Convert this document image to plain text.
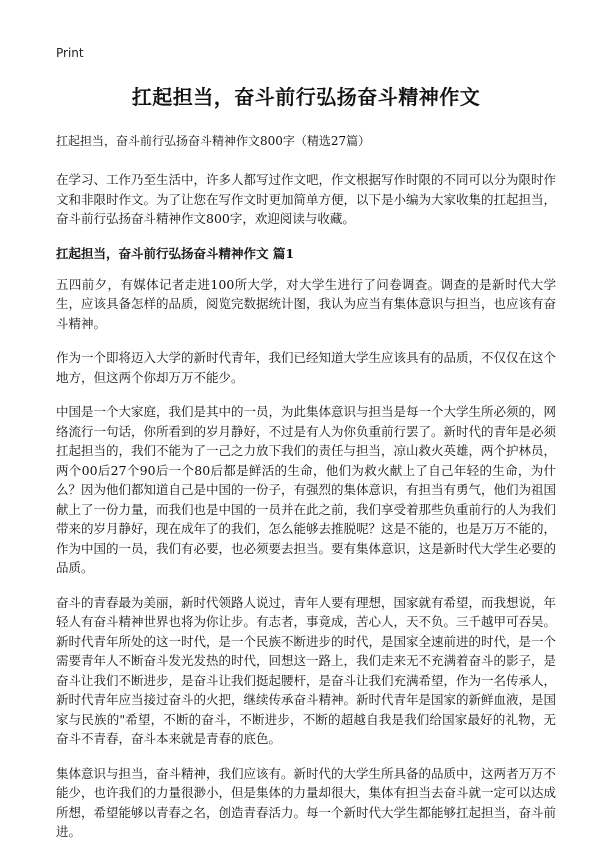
Print
扛起担当，奋斗前行弘扬奋斗精神作文
扛起担当，奋斗前行弘扬奋斗精神作文800字（精选27篇）

在学习、工作乃至生活中，许多人都写过作文吧，作文根据写作时限的不同可以分为限时作文和非限时作文。为了让您在写作文时更加简单方便，以下是小编为大家收集的扛起担当，奋斗前行弘扬奋斗精神作文800字，欢迎阅读与收藏。

扛起担当，奋斗前行弘扬奋斗精神作文 篇1

五四前夕，有媒体记者走进100所大学，对大学生进行了问卷调查。调查的是新时代大学生，应该具备怎样的品质，阅览完数据统计图，我认为应当有集体意识与担当，也应该有奋斗精神。

作为一个即将迈入大学的新时代青年，我们已经知道大学生应该具有的品质，不仅仅在这个地方，但这两个你却万万不能少。

中国是一个大家庭，我们是其中的一员，为此集体意识与担当是每一个大学生所必须的，网络流行一句话，你所看到的岁月静好，不过是有人为你负重前行罢了。新时代的青年是必须扛起担当的，我们不能为了一己之力放下我们的责任与担当，凉山救火英雄，两个护林员，两个00后27个90后一个80后都是鲜活的生命，他们为救火献上了自己年轻的生命，为什么？因为他们都知道自己是中国的一份子，有强烈的集体意识，有担当有勇气，他们为祖国献上了一份力量，而我们也是中国的一员并在此之前，我们享受着那些负重前行的人为我们带来的岁月静好，现在成年了的我们，怎么能够去推脱呢？这是不能的，也是万万不能的，作为中国的一员，我们有必要，也必须要去担当。要有集体意识，这是新时代大学生必要的品质。

奋斗的青春最为美丽，新时代领路人说过，青年人要有理想，国家就有希望，而我想说，年轻人有奋斗精神世界也将为你让步。有志者，事竟成，苦心人，天不负。三千越甲可吞吴。新时代青年所处的这一时代，是一个民族不断进步的时代，是国家全速前进的时代，是一个需要青年人不断奋斗发光发热的时代，回想这一路上，我们走来无不充满着奋斗的影子，是奋斗让我们不断进步，是奋斗让我们挺起腰杆，是奋斗让我们充满希望，作为一名传承人，新时代青年应当接过奋斗的火把，继续传承奋斗精神。新时代青年是国家的新鲜血液，是国家与民族的"希望，不断的奋斗，不断进步，不断的超越自我是我们给国家最好的礼物，无奋斗不青春，奋斗本来就是青春的底色。

集体意识与担当，奋斗精神，我们应该有。新时代的大学生所具备的品质中，这两者万万不能少，也许我们的力量很渺小，但是集体的力量却很大，集体有担当去奋斗就一定可以达成所想，希望能够以青春之名，创造青春活力。每一个新时代大学生都能够扛起担当，奋斗前进。
